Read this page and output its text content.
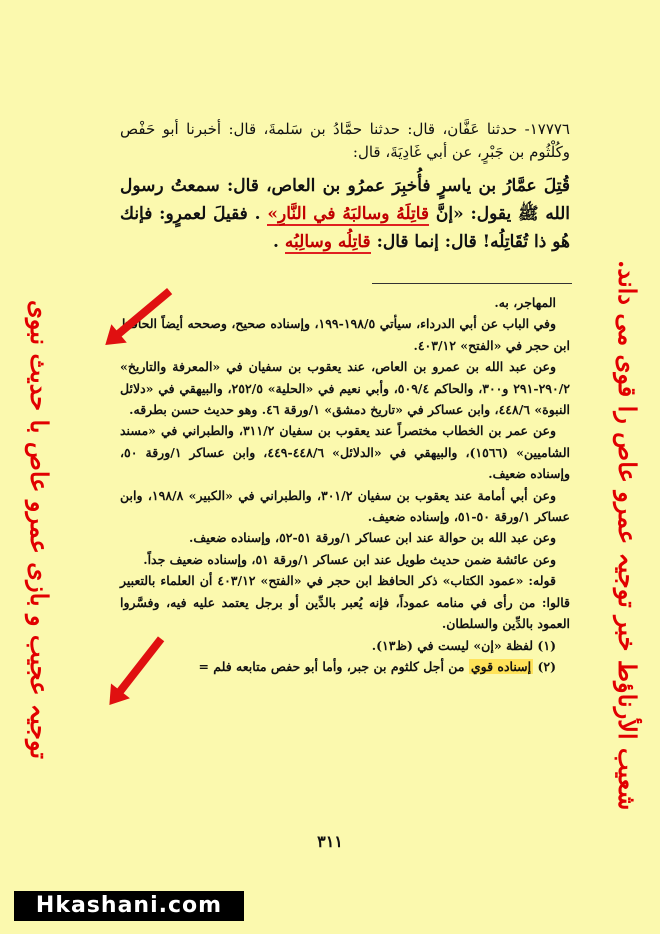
١٧٧٧٦- حدثنا عَفَّان، قال: حدثنا حمَّادُ بن سَلمةَ، قال: أخبرنا أبو حَفْص وكُلْثُوم بن جَبْرٍ، عن أبي غَادِيَةَ، قال:
قُتِلَ عمَّارُ بن ياسرٍ فأُخبِرَ عمرُو بن العاص، قال: سمعتُ رسول الله ﷺ يقول: «إنَّ قاتِلَهُ وسالبَهُ في النَّارِ» . فقيلَ لعمرٍو: فإنك هُو ذا تُقَاتِلُه! قال: إنما قال: قاتِلُه وسالِبُه .

المهاجر، به.

وفي الباب عن أبي الدرداء، سيأتي ١٩٨/٥-١٩٩، وإسناده صحيح، وصححه أيضاً الحافظ ابن حجر في «الفتح» ٤٠٣/١٢.

وعن عبد الله بن عمرو بن العاص، عند يعقوب بن سفيان في «المعرفة والتاريخ» ٢٩٠/٢-٢٩١ و٣٠٠، والحاكم ٥٠٩/٤، وأبي نعيم في «الحلية» ٢٥٢/٥، والبيهقي في «دلائل النبوة» ٤٤٨/٦، وابن عساكر في «تاريخ دمشق» ١/ورقة ٤٦. وهو حديث حسن بطرقه.

وعن عمر بن الخطاب مختصراً عند يعقوب بن سفيان ٣١١/٢، والطبراني في «مسند الشاميين» (١٥٦٦)، والبيهقي في «الدلائل» ٤٤٨/٦-٤٤٩، وابن عساكر ١/ورقة ٥٠، وإسناده ضعيف.

وعن أبي أمامة عند يعقوب بن سفيان ٣٠١/٢، والطبراني في «الكبير» ١٩٨/٨، وابن عساكر ١/ورقة ٥٠-٥١، وإسناده ضعيف.

وعن عبد الله بن حوالة عند ابن عساكر ١/ورقة ٥١-٥٢، وإسناده ضعيف.

وعن عائشة ضمن حديث طويل عند ابن عساكر ١/ورقة ٥١، وإسناده ضعيف جداً.

قوله: «عمود الكتاب» ذكر الحافظ ابن حجر في «الفتح» ٤٠٣/١٢ أن العلماء بالتعبير قالوا: من رأى في منامه عموداً، فإنه يُعبر بالدِّين أو برجل يعتمد عليه فيه، وفسَّروا العمود بالدِّين والسلطان.

(١) لفظة «إن» ليست في (ظ١٣).

(٢) إسناده قوي من أجل كلثوم بن جبر، وأما أبو حفص متابعه فلم =

٣١١
شعیب الأرناؤط خبر توجیہ عمرو عاص را قوی می داند.
توجیہ عجیب و بازی عمرو عاص با حدیث نبوی
Hkashani.com
